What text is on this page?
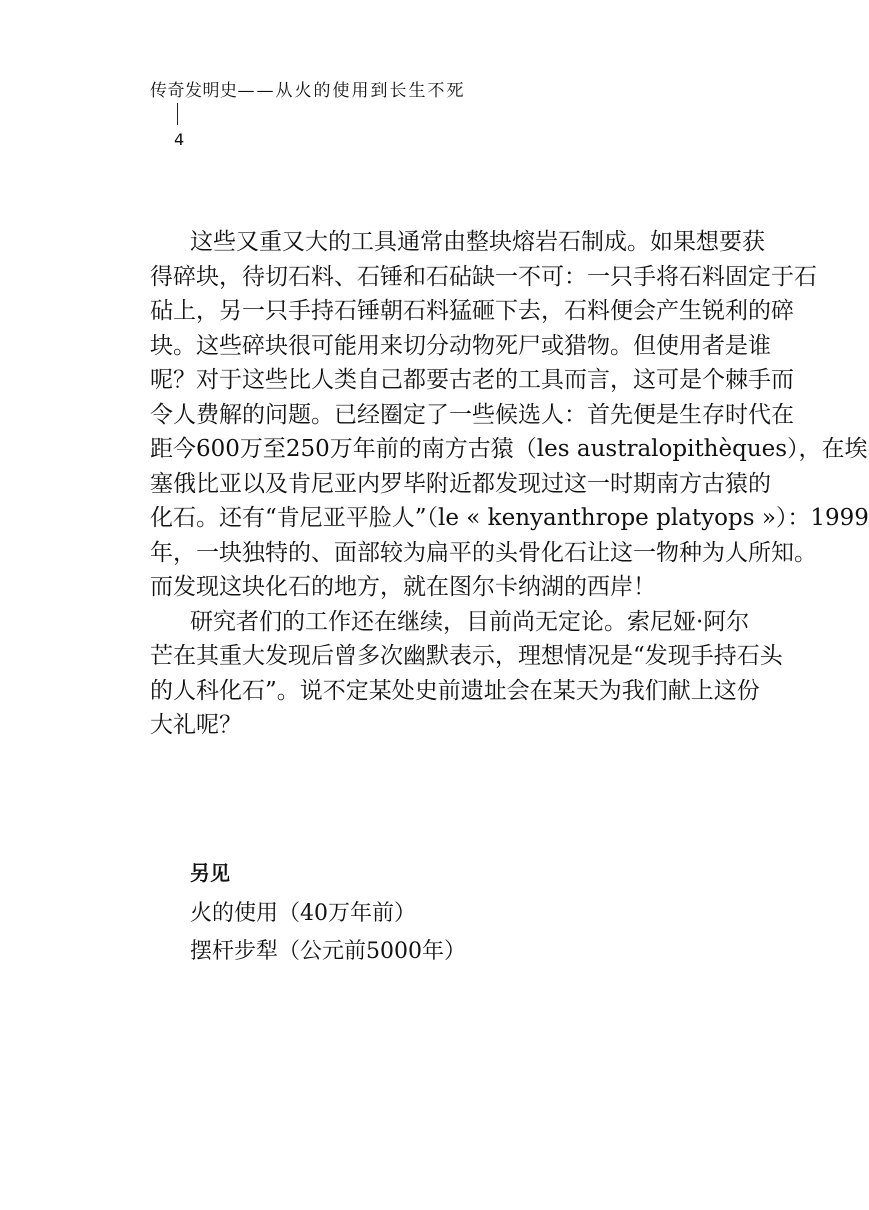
传奇发明史——从火的使用到长生不死
4
这些又重又大的工具通常由整块熔岩石制成。如果想要获
得碎块，待切石料、石锤和石砧缺一不可：一只手将石料固定于石
砧上，另一只手持石锤朝石料猛砸下去，石料便会产生锐利的碎
块。这些碎块很可能用来切分动物死尸或猎物。但使用者是谁
呢？对于这些比人类自己都要古老的工具而言，这可是个棘手而
令人费解的问题。已经圈定了一些候选人：首先便是生存时代在
距今600万至250万年前的南方古猿（les australopithèques），在埃
塞俄比亚以及肯尼亚内罗毕附近都发现过这一时期南方古猿的
化石。还有“肯尼亚平脸人”（le « kenyanthrope platyops »）：1999
年，一块独特的、面部较为扁平的头骨化石让这一物种为人所知。
而发现这块化石的地方，就在图尔卡纳湖的西岸！
研究者们的工作还在继续，目前尚无定论。索尼娅·阿尔
芒在其重大发现后曾多次幽默表示，理想情况是“发现手持石头
的人科化石”。说不定某处史前遗址会在某天为我们献上这份
大礼呢？
另见
火的使用（40万年前）
摆杆步犁（公元前5000年）
